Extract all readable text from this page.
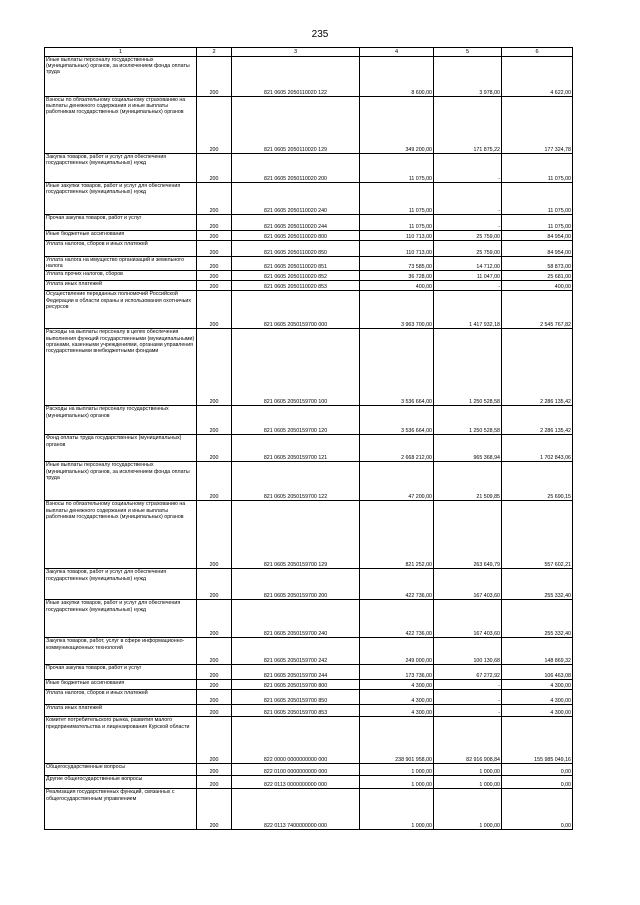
235
1	2	3	4	5	6
Иные выплаты персоналу государственных (муниципальных) органов, за исключением фонда оплаты труда	200	821 0605 2050110020 122	8 600,00	3 978,00	4 622,00
Взносы по обязательному социальному страхованию на выплаты денежного содержания и иные выплаты работникам государственных (муниципальных) органов	200	821 0605 2050110020 129	349 200,00	171 875,22	177 324,78
Закупка товаров, работ и услуг для обеспечения государственных (муниципальных) нужд	200	821 0605 2050110020 200	11 075,00	-	11 075,00
Иные закупки товаров, работ и услуг для обеспечения государственных (муниципальных) нужд	200	821 0605 2050110020 240	11 075,00	-	11 075,00
Прочая закупка товаров, работ и услуг	200	821 0605 2050110020 244	11 075,00	-	11 075,00
Иные бюджетные ассигнования	200	821 0605 2050110020 800	110 713,00	25 759,00	84 954,00
Уплата налогов, сборов и иных платежей	200	821 0605 2050110020 850	110 713,00	25 759,00	84 954,00
Уплата налога на имущество организаций и земельного налога	200	821 0605 2050110020 851	73 585,00	14 712,00	58 873,00
Уплата прочих налогов, сборов	200	821 0605 2050110020 852	36 728,00	11 047,00	25 681,00
Уплата иных платежей	200	821 0605 2050110020 853	400,00	-	400,00
Осуществление переданных полномочий Российской Федерации в области охраны и использования охотничьих ресурсов	200	821 0605 2050159700 000	3 963 700,00	1 417 932,18	2 545 767,82
Расходы на выплаты персоналу в целях обеспечения выполнения функций государственными (муниципальными) органами, казенными учреждениями, органами управления государственными внебюджетными фондами	200	821 0605 2050159700 100	3 536 664,00	1 250 528,58	2 286 135,42
Расходы на выплаты персоналу государственных (муниципальных) органов	200	821 0605 2050159700 120	3 536 664,00	1 250 528,58	2 286 135,42
Фонд оплаты труда государственных (муниципальных) органов	200	821 0605 2050159700 121	2 668 212,00	965 368,94	1 702 843,06
Иные выплаты персоналу государственных (муниципальных) органов, за исключением фонда оплаты труда	200	821 0605 2050159700 122	47 200,00	21 509,85	25 690,15
Взносы по обязательному социальному страхованию на выплаты денежного содержания и иные выплаты работникам государственных (муниципальных) органов	200	821 0605 2050159700 129	821 252,00	263 649,79	557 602,21
Закупка товаров, работ и услуг для обеспечения государственных (муниципальных) нужд	200	821 0605 2050159700 200	422 736,00	167 403,60	255 332,40
Иные закупки товаров, работ и услуг для обеспечения государственных (муниципальных) нужд	200	821 0605 2050159700 240	422 736,00	167 403,60	255 332,40
Закупка товаров, работ, услуг в сфере информационно-коммуникационных технологий	200	821 0605 2050159700 242	249 000,00	100 130,68	148 869,32
Прочая закупка товаров, работ и услуг	200	821 0605 2050159700 244	173 736,00	67 272,92	106 463,08
Иные бюджетные ассигнования	200	821 0605 2050159700 800	4 300,00	-	4 300,00
Уплата налогов, сборов и иных платежей	200	821 0605 2050159700 850	4 300,00	-	4 300,00
Уплата иных платежей	200	821 0605 2050159700 853	4 300,00	-	4 300,00
Комитет потребительского рынка, развития малого предпринимательства и лицензирования Курской области	200	822 0000 0000000000 000	238 901 958,00	82 916 908,84	155 985 049,16
Общегосударственные вопросы	200	822 0100 0000000000 000	1 000,00	1 000,00	0,00
Другие общегосударственные вопросы	200	822 0113 0000000000 000	1 000,00	1 000,00	0,00
Реализация государственных функций, связанных с общегосударственным управлением	200	822 0113 7400000000 000	1 000,00	1 000,00	0,00
